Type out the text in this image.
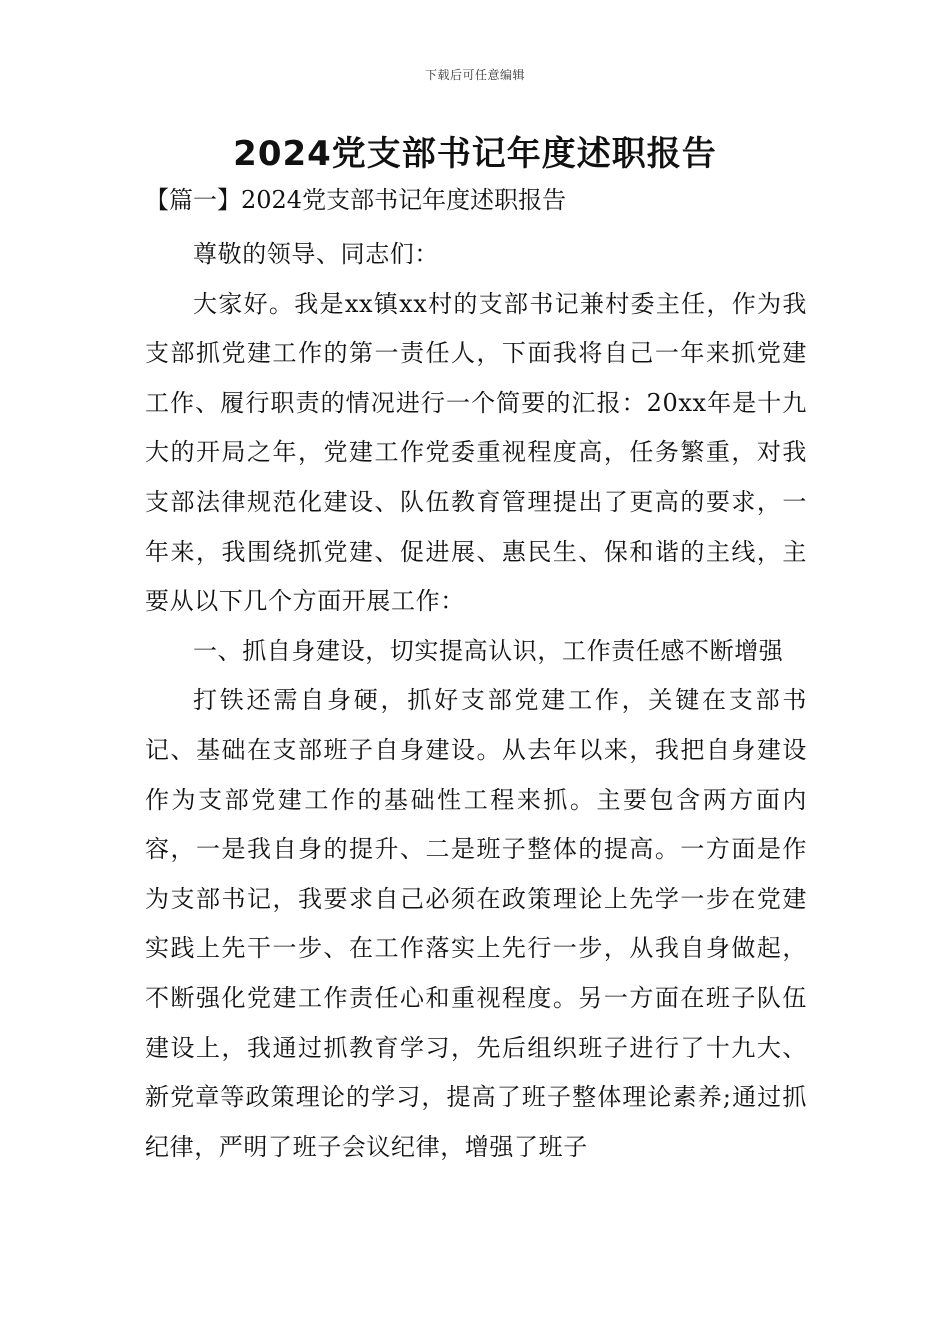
下载后可任意编辑
2024党支部书记年度述职报告
【篇一】2024党支部书记年度述职报告

尊敬的领导、同志们：

大家好。我是xx镇xx村的支部书记兼村委主任，作为我支部抓党建工作的第一责任人，下面我将自己一年来抓党建工作、履行职责的情况进行一个简要的汇报：20xx年是十九大的开局之年，党建工作党委重视程度高，任务繁重，对我支部法律规范化建设、队伍教育管理提出了更高的要求，一年来，我围绕抓党建、促进展、惠民生、保和谐的主线，主要从以下几个方面开展工作：

一、抓自身建设，切实提高认识，工作责任感不断增强

打铁还需自身硬，抓好支部党建工作，关键在支部书记、基础在支部班子自身建设。从去年以来，我把自身建设作为支部党建工作的基础性工程来抓。主要包含两方面内容，一是我自身的提升、二是班子整体的提高。一方面是作为支部书记，我要求自己必须在政策理论上先学一步在党建实践上先干一步、在工作落实上先行一步，从我自身做起，不断强化党建工作责任心和重视程度。另一方面在班子队伍建设上，我通过抓教育学习，先后组织班子进行了十九大、新党章等政策理论的学习，提高了班子整体理论素养;通过抓纪律，严明了班子会议纪律，增强了班子
